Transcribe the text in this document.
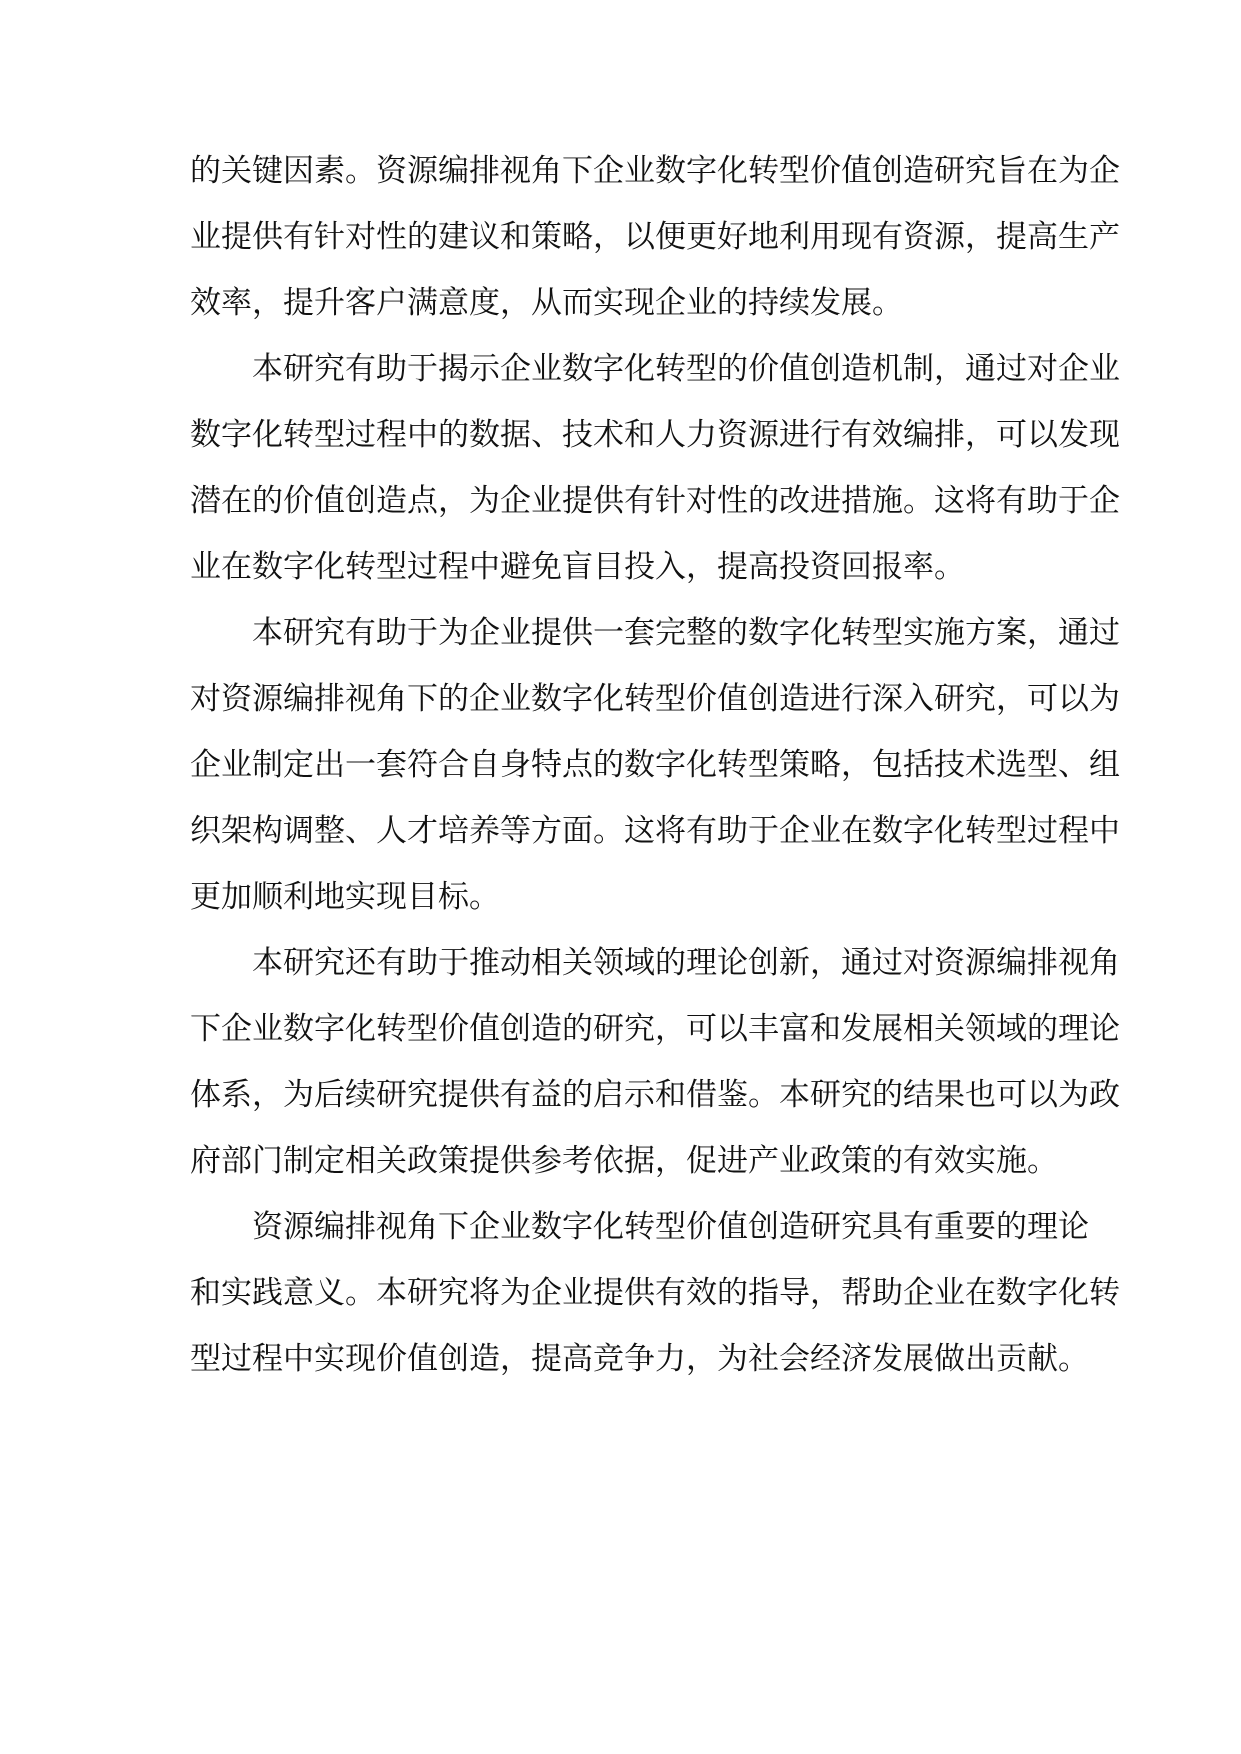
的关键因素。资源编排视角下企业数字化转型价值创造研究旨在为企
业提供有针对性的建议和策略，以便更好地利用现有资源，提高生产
效率，提升客户满意度，从而实现企业的持续发展。
本研究有助于揭示企业数字化转型的价值创造机制，通过对企业
数字化转型过程中的数据、技术和人力资源进行有效编排，可以发现
潜在的价值创造点，为企业提供有针对性的改进措施。这将有助于企
业在数字化转型过程中避免盲目投入，提高投资回报率。
本研究有助于为企业提供一套完整的数字化转型实施方案，通过
对资源编排视角下的企业数字化转型价值创造进行深入研究，可以为
企业制定出一套符合自身特点的数字化转型策略，包括技术选型、组
织架构调整、人才培养等方面。这将有助于企业在数字化转型过程中
更加顺利地实现目标。
本研究还有助于推动相关领域的理论创新，通过对资源编排视角
下企业数字化转型价值创造的研究，可以丰富和发展相关领域的理论
体系，为后续研究提供有益的启示和借鉴。本研究的结果也可以为政
府部门制定相关政策提供参考依据，促进产业政策的有效实施。
资源编排视角下企业数字化转型价值创造研究具有重要的理论
和实践意义。本研究将为企业提供有效的指导，帮助企业在数字化转
型过程中实现价值创造，提高竞争力，为社会经济发展做出贡献。
